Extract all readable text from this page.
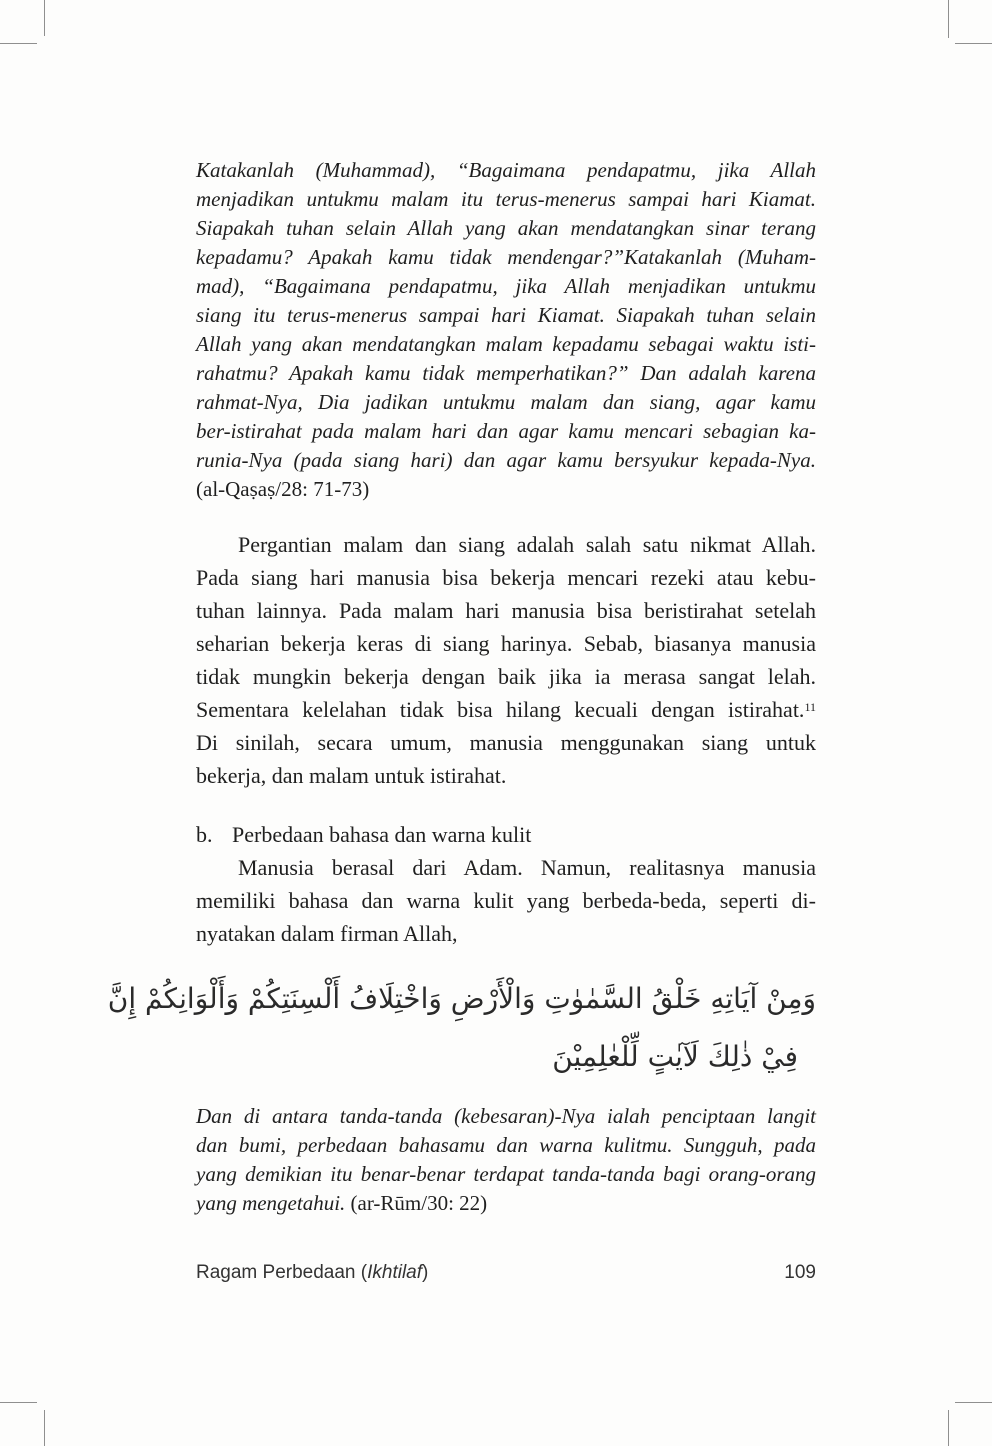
Katakanlah (Muhammad), “Bagaimana pendapatmu, jika Allah
menjadikan untukmu malam itu terus-menerus sampai hari Kiamat.
Siapakah tuhan selain Allah yang akan mendatangkan sinar terang
kepadamu? Apakah kamu tidak mendengar?”Katakanlah (Muham-
mad), “Bagaimana pendapatmu, jika Allah menjadikan untukmu
siang itu terus-menerus sampai hari Kiamat. Siapakah tuhan selain
Allah yang akan mendatangkan malam kepadamu sebagai waktu isti-
rahatmu? Apakah kamu tidak memperhatikan?” Dan adalah karena
rahmat-Nya, Dia jadikan untukmu malam dan siang, agar kamu
ber-istirahat pada malam hari dan agar kamu mencari sebagian ka-
runia-Nya (pada siang hari) dan agar kamu bersyukur kepada-Nya.
(al-Qaṣaṣ/28: 71-73)
Pergantian malam dan siang adalah salah satu nikmat Allah.
Pada siang hari manusia bisa bekerja mencari rezeki atau kebu-
tuhan lainnya. Pada malam hari manusia bisa beristirahat setelah
seharian bekerja keras di siang harinya. Sebab, biasanya manusia
tidak mungkin bekerja dengan baik jika ia merasa sangat lelah.
Sementara kelelahan tidak bisa hilang kecuali dengan istirahat.$^{11}$
Di sinilah, secara umum, manusia menggunakan siang untuk
bekerja, dan malam untuk istirahat.
b. Perbedaan bahasa dan warna kulit
Manusia berasal dari Adam. Namun, realitasnya manusia
memiliki bahasa dan warna kulit yang berbeda-beda, seperti di-
nyatakan dalam firman Allah,
وَمِنْ آيَاتِهِ خَلْقُ السَّمٰوٰتِ وَالْأَرْضِ وَاخْتِلَافُ أَلْسِنَتِكُمْ وَأَلْوَانِكُمْ إِنَّ
فِيْ ذٰلِكَ لَآيٰتٍ لِّلْعٰلِمِيْنَ
Dan di antara tanda-tanda (kebesaran)-Nya ialah penciptaan langit
dan bumi, perbedaan bahasamu dan warna kulitmu. Sungguh, pada
yang demikian itu benar-benar terdapat tanda-tanda bagi orang-orang
yang mengetahui. (ar-Rūm/30: 22)
Ragam Perbedaan (Ikhtilaf)	109
